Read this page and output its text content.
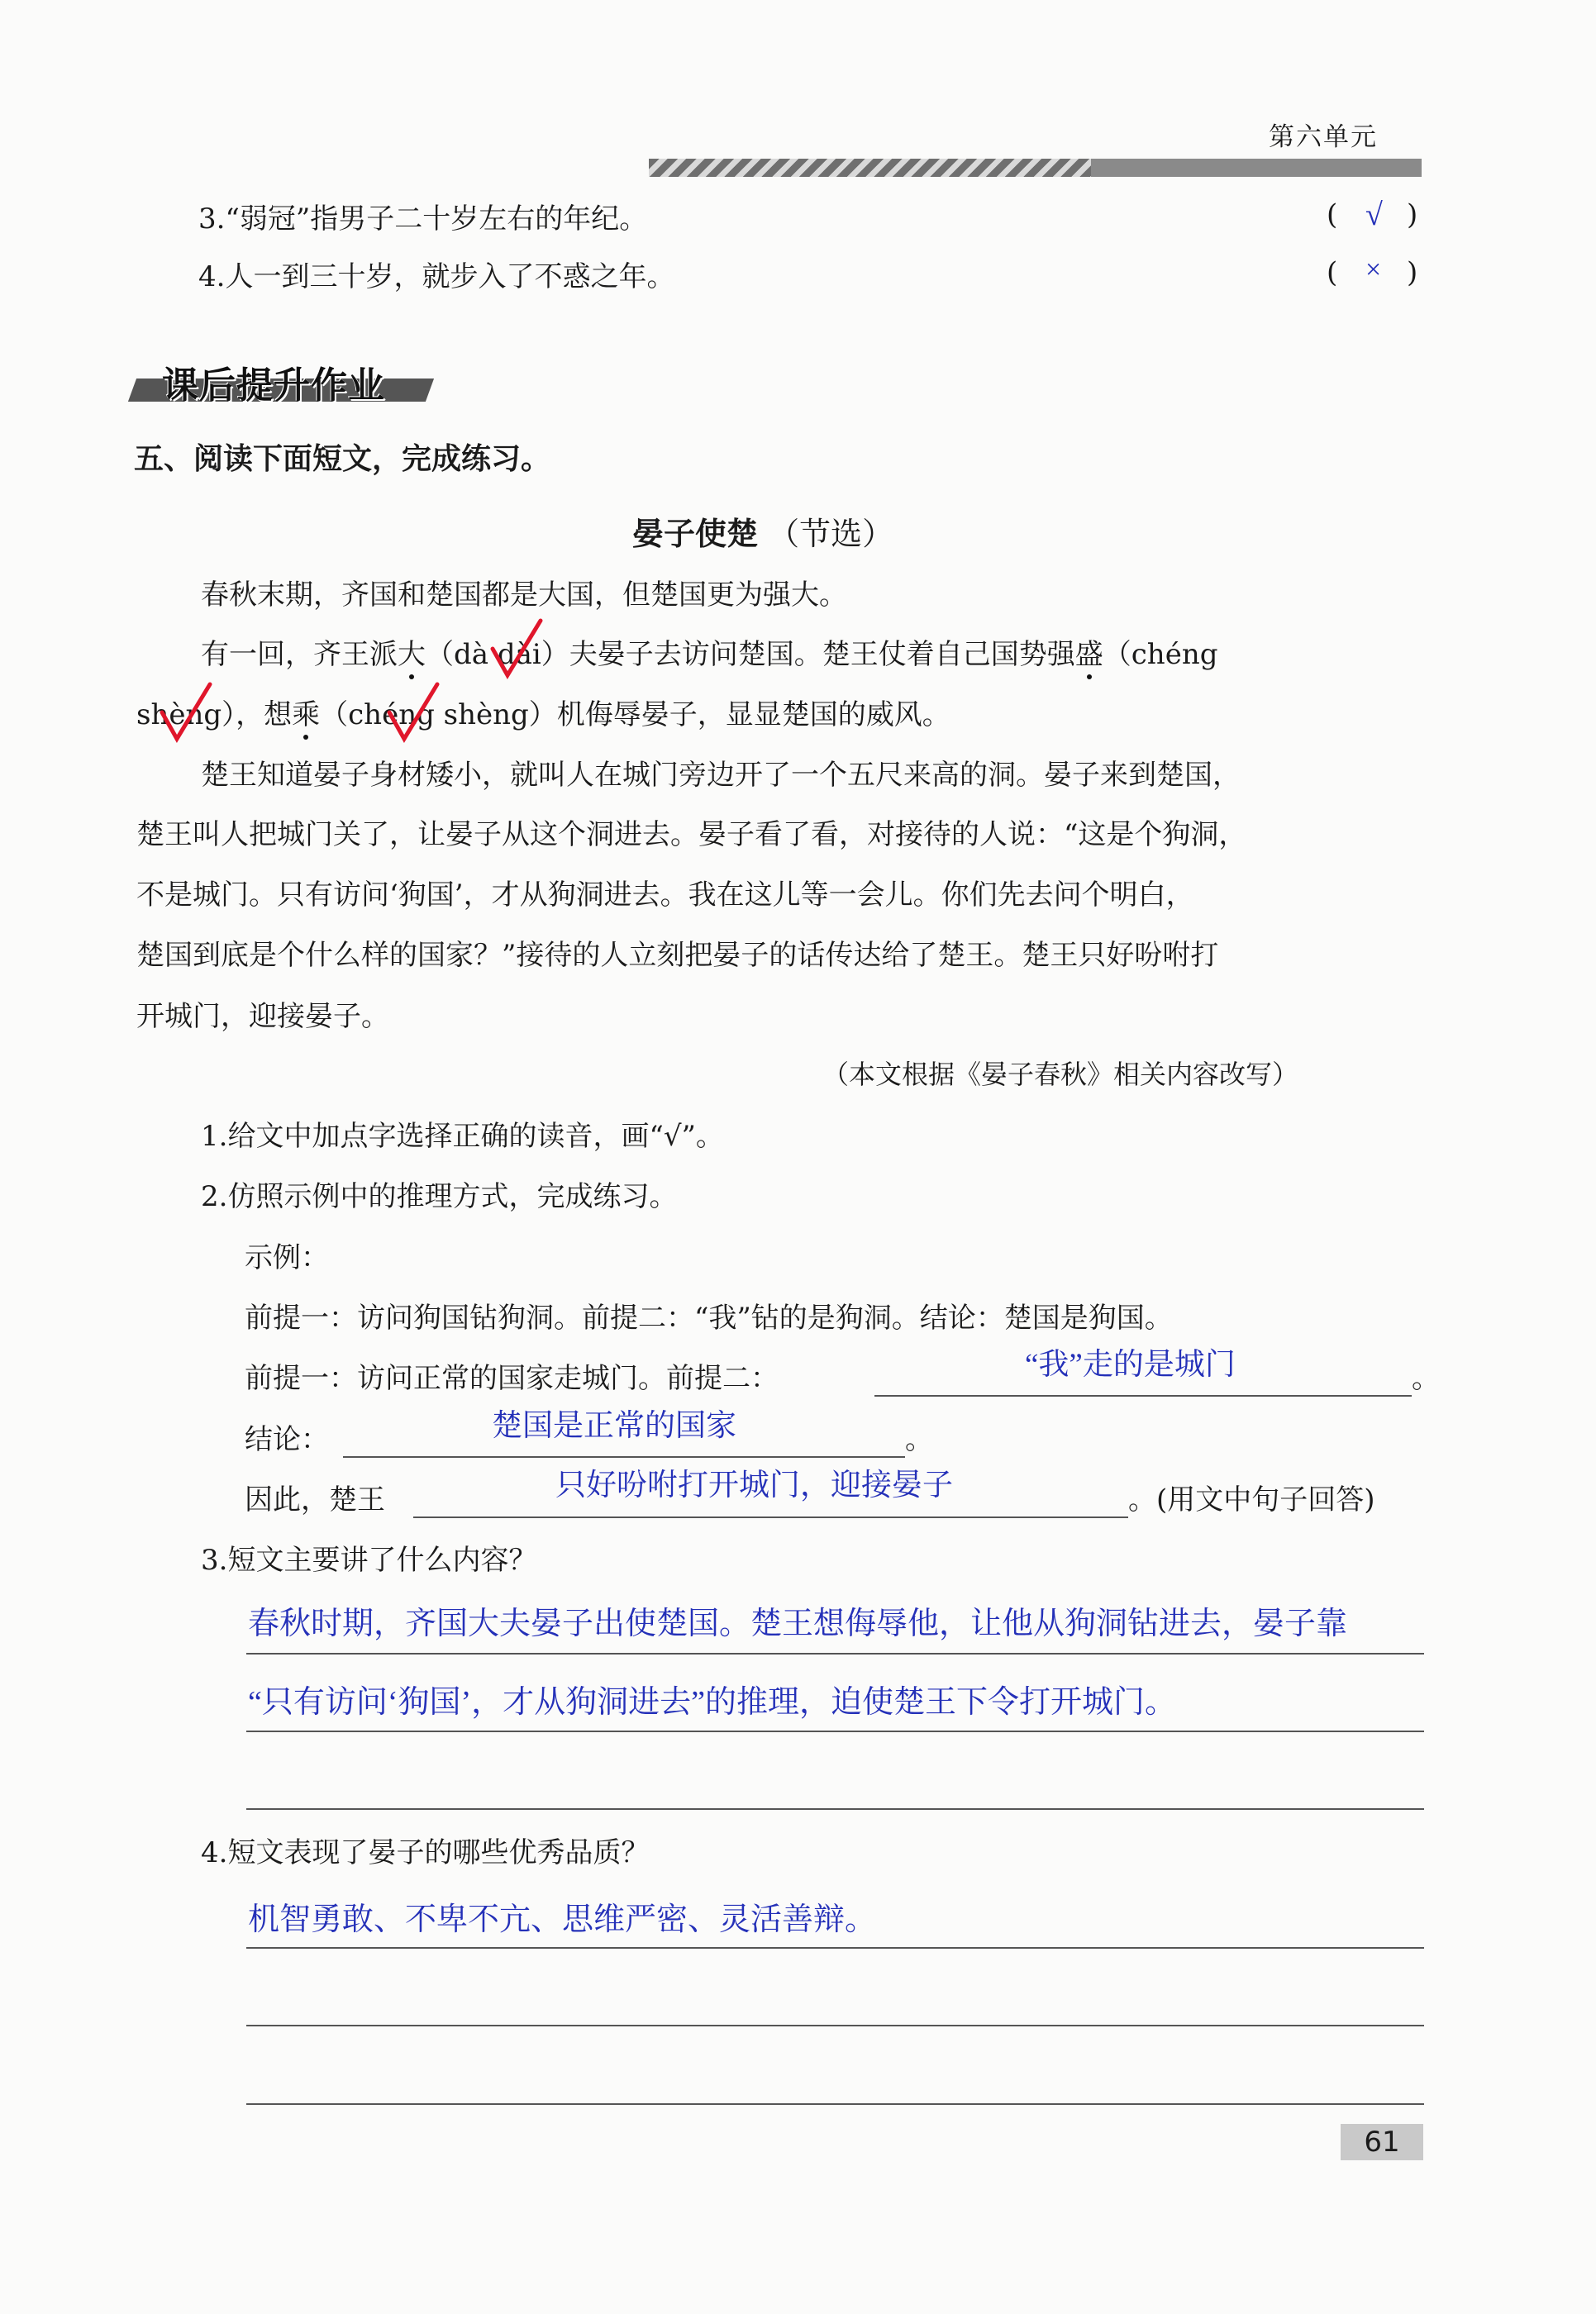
第六单元
3.“弱冠”指男子二十岁左右的年纪。	( √ )
4.人一到三十岁，就步入了不惑之年。	( × )
课后提升作业
五、阅读下面短文，完成练习。
晏子使楚 （节选）
春秋末期，齐国和楚国都是大国，但楚国更为强大。
有一回，齐王派大（dà dài）夫晏子去访问楚国。楚王仗着自己国势强盛（chéng
shèng），想乘（chéng shèng）机侮辱晏子，显显楚国的威风。
楚王知道晏子身材矮小，就叫人在城门旁边开了一个五尺来高的洞。晏子来到楚国，
楚王叫人把城门关了，让晏子从这个洞进去。晏子看了看，对接待的人说：“这是个狗洞，
不是城门。只有访问‘狗国’，才从狗洞进去。我在这儿等一会儿。你们先去问个明白，
楚国到底是个什么样的国家？”接待的人立刻把晏子的话传达给了楚王。楚王只好吩咐打
开城门，迎接晏子。
（本文根据《晏子春秋》相关内容改写）
1.给文中加点字选择正确的读音，画“√”。
2.仿照示例中的推理方式，完成练习。
示例：
前提一：访问狗国钻狗洞。前提二：“我”钻的是狗洞。结论：楚国是狗国。
前提一：访问正常的国家走城门。前提二：	“我”走的是城门	。
结论：	楚国是正常的国家	。
因此，楚王	只好吩咐打开城门，迎接晏子	。(用文中句子回答)
3.短文主要讲了什么内容？
春秋时期，齐国大夫晏子出使楚国。楚王想侮辱他，让他从狗洞钻进去，晏子靠
“只有访问‘狗国’，才从狗洞进去”的推理，迫使楚王下令打开城门。
4.短文表现了晏子的哪些优秀品质？
机智勇敢、不卑不亢、思维严密、灵活善辩。
61
